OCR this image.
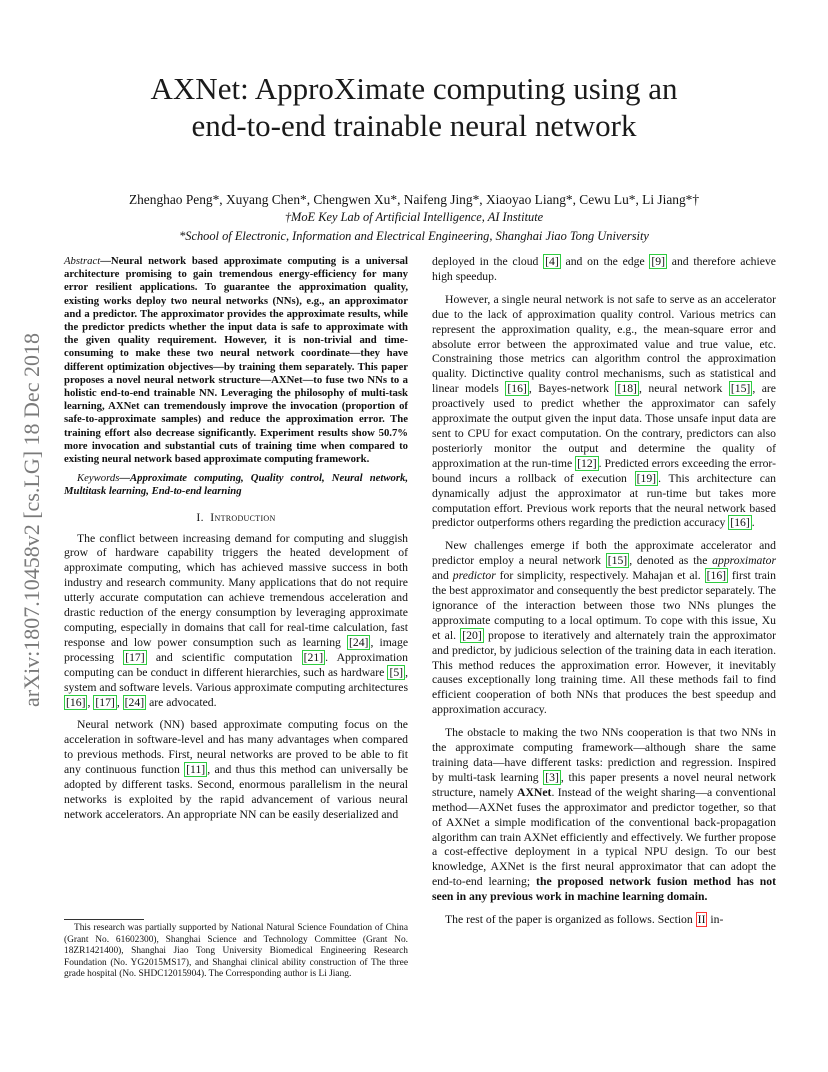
arXiv:1807.10458v2 [cs.LG] 18 Dec 2018
AXNet: ApproXimate computing using an
end-to-end trainable neural network
Zhenghao Peng*, Xuyang Chen*, Chengwen Xu*, Naifeng Jing*, Xiaoyao Liang*, Cewu Lu*, Li Jiang*†
†MoE Key Lab of Artificial Intelligence, AI Institute
*School of Electronic, Information and Electrical Engineering, Shanghai Jiao Tong University

Abstract—Neural network based approximate computing is a universal architecture promising to gain tremendous energy-efficiency for many error resilient applications. To guarantee the approximation quality, existing works deploy two neural networks (NNs), e.g., an approximator and a predictor. The approximator provides the approximate results, while the predictor predicts whether the input data is safe to approximate with the given quality requirement. However, it is non-trivial and time-consuming to make these two neural network coordinate—they have different optimization objectives—by training them separately. This paper proposes a novel neural network structure—AXNet—to fuse two NNs to a holistic end-to-end trainable NN. Leveraging the philosophy of multi-task learning, AXNet can tremendously improve the invocation (proportion of safe-to-approximate samples) and reduce the approximation error. The training effort also decrease significantly. Experiment results show 50.7% more invocation and substantial cuts of training time when compared to existing neural network based approximate computing framework.

Keywords—Approximate computing, Quality control, Neural network, Multitask learning, End-to-end learning

I. Introduction

The conflict between increasing demand for computing and sluggish grow of hardware capability triggers the heated development of approximate computing, which has achieved massive success in both industry and research community. Many applications that do not require utterly accurate computation can achieve tremendous acceleration and drastic reduction of the energy consumption by leveraging approximate computing, especially in domains that call for real-time calculation, fast response and low power consumption such as learning [24] , image processing [17] and scientific computation [21] . Approximation computing can be conduct in different hierarchies, such as hardware [5] , system and software levels. Various approximate computing architectures [16] , [17] , [24] are advocated.

Neural network (NN) based approximate computing focus on the acceleration in software-level and has many advantages when compared to previous methods. First, neural networks are proved to be able to fit any continuous function [11] , and thus this method can universally be adopted by different tasks. Second, enormous parallelism in the neural networks is exploited by the rapid advancement of various neural network accelerators. An appropriate NN can be easily deserialized and

This research was partially supported by National Natural Science Foundation of China (Grant No. 61602300), Shanghai Science and Technology Committee (Grant No. 18ZR1421400), Shanghai Jiao Tong University Biomedical Engineering Research Foundation (No. YG2015MS17), and Shanghai clinical ability construction of The three grade hospital (No. SHDC12015904). The Corresponding author is Li Jiang.

deployed in the cloud [4] and on the edge [9] and therefore achieve high speedup.

However, a single neural network is not safe to serve as an accelerator due to the lack of approximation quality control. Various metrics can represent the approximation quality, e.g., the mean-square error and absolute error between the approximated value and true value, etc. Constraining those metrics can algorithm control the approximation quality. Dictinctive quality control mechanisms, such as statistical and linear models [16] , Bayes-network [18] , neural network [15] , are proactively used to predict whether the approximator can safely approximate the output given the input data. Those unsafe input data are sent to CPU for exact computation. On the contrary, predictors can also posteriorly monitor the output and determine the quality of approximation at the run-time [12] . Predicted errors exceeding the error-bound incurs a rollback of execution [19] . This architecture can dynamically adjust the approximator at run-time but takes more computation effort. Previous work reports that the neural network based predictor outperforms others regarding the prediction accuracy [16] .

New challenges emerge if both the approximate accelerator and predictor employ a neural network [15] , denoted as the approximator and predictor for simplicity, respectively. Mahajan et al. [16] first train the best approximator and consequently the best predictor separately. The ignorance of the interaction between those two NNs plunges the approximate computing to a local optimum. To cope with this issue, Xu et al. [20] propose to iteratively and alternately train the approximator and predictor, by judicious selection of the training data in each iteration. This method reduces the approximation error. However, it inevitably causes exceptionally long training time. All these methods fail to find efficient cooperation of both NNs that produces the best speedup and approximation accuracy.

The obstacle to making the two NNs cooperation is that two NNs in the approximate computing framework—although share the same training data—have different tasks: prediction and regression. Inspired by multi-task learning [3] , this paper presents a novel neural network structure, namely AXNet. Instead of the weight sharing—a conventional method—AXNet fuses the approximator and predictor together, so that of AXNet a simple modification of the conventional back-propagation algorithm can train AXNet efficiently and effectively. We further propose a cost-effective deployment in a typical NPU design. To our best knowledge, AXNet is the first neural approximator that can adopt the end-to-end learning; the proposed network fusion method has not seen in any previous work in machine learning domain.

The rest of the paper is organized as follows. Section II in-
